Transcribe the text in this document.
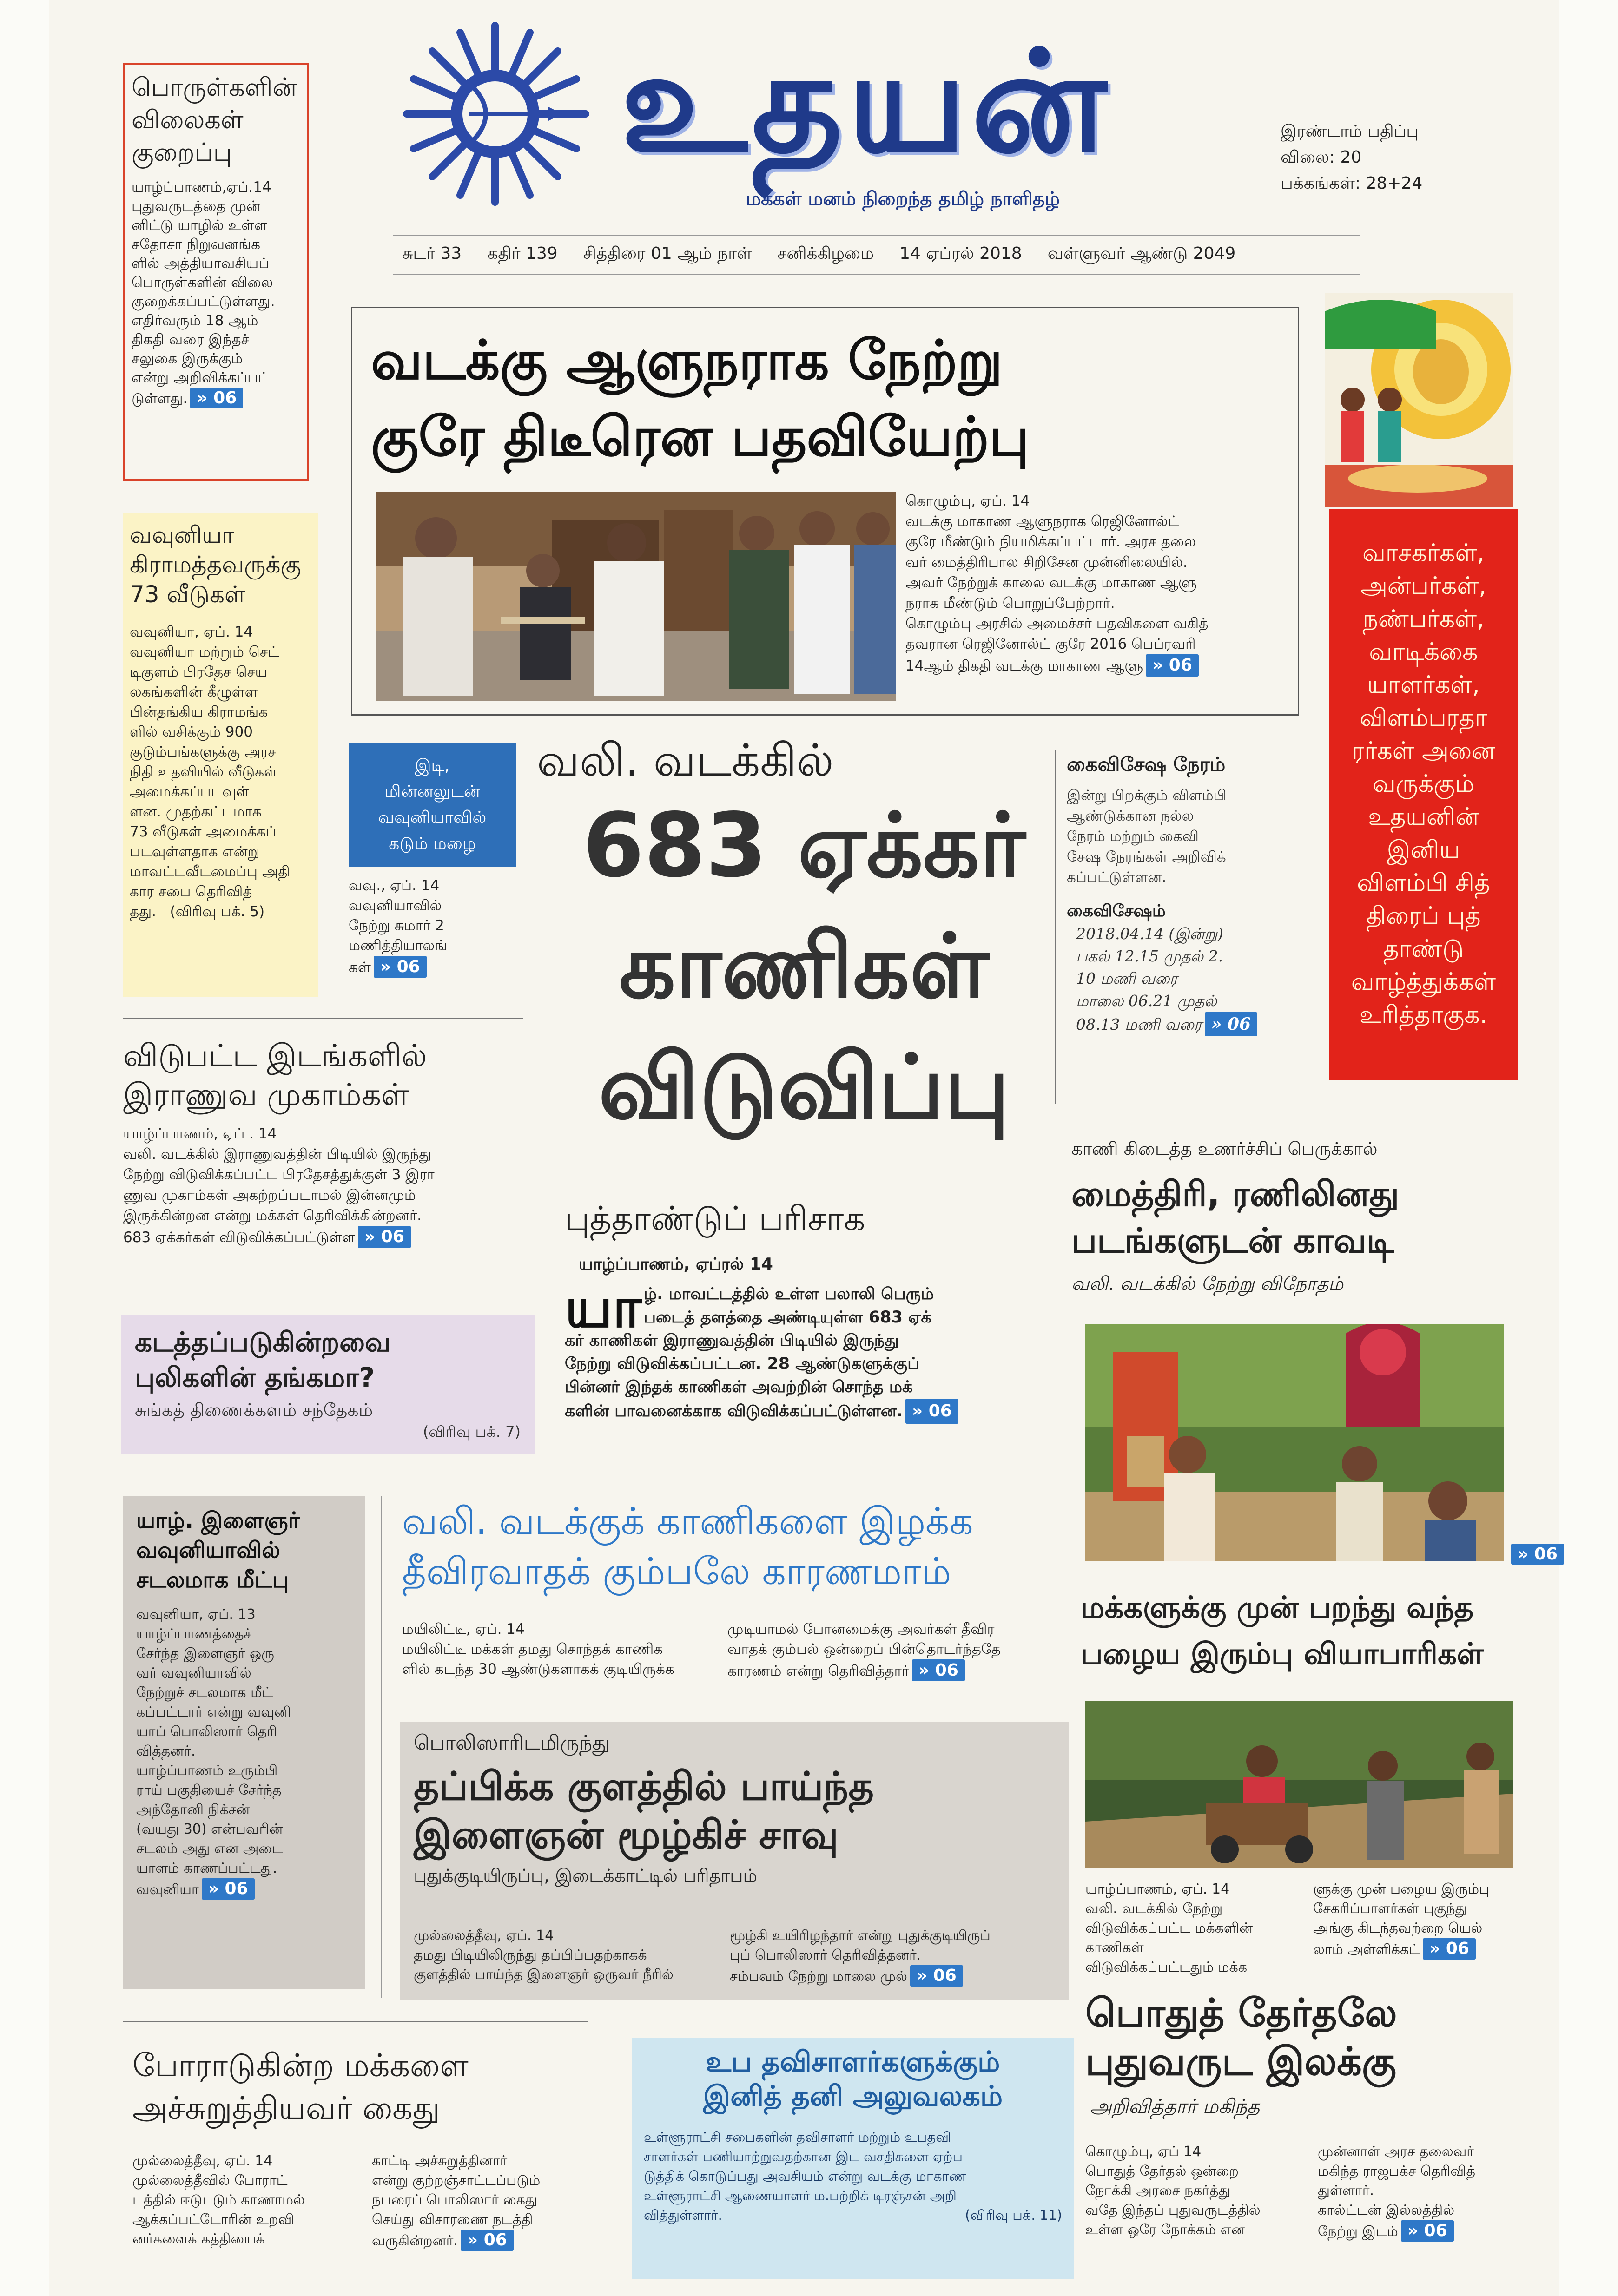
உதயன்
மக்கள் மனம் நிறைந்த தமிழ் நாளிதழ்
இரண்டாம் பதிப்பு
விலை: 20
பக்கங்கள்: 28+24
சுடர் 33 கதிர் 139 சித்திரை 01 ஆம் நாள் சனிக்கிழமை 14 ஏப்ரல் 2018 வள்ளுவர் ஆண்டு 2049
பொருள்களின்
விலைகள்
குறைப்பு
யாழ்ப்பாணம்,ஏப்.14
புதுவருடத்தை முன்
னிட்டு யாழில் உள்ள
சதோசா நிறுவனங்க
ளில் அத்தியாவசியப்
பொருள்களின் விலை
குறைக்கப்பட்டுள்ளது.
எதிர்வரும் 18 ஆம்
திகதி வரை இந்தச்
சலுகை இருக்கும்
என்று அறிவிக்கப்பட்
டுள்ளது. » 06
வவுனியா
கிராமத்தவருக்கு
73 வீடுகள்
வவுனியா, ஏப். 14
வவுனியா மற்றும் செட்
டிகுளம் பிரதேச செய
லகங்களின் கீழுள்ள
பின்தங்கிய கிராமங்க
ளில் வசிக்கும் 900
குடும்பங்களுக்கு அரச
நிதி உதவியில் வீடுகள்
அமைக்கப்படவுள்
ளன. முதற்கட்டமாக
73 வீடுகள் அமைக்கப்
படவுள்ளதாக என்று
மாவட்டவீடமைப்பு அதி
கார சபை தெரிவித்
தது. (விரிவு பக். 5)
இடி,
மின்னலுடன்
வவுனியாவில்
கடும் மழை
வவு., ஏப். 14
வவுனியாவில்
நேற்று சுமார் 2
மணித்தியாலங்
கள் » 06
வடக்கு ஆளுநராக நேற்று
குரே திடீரென பதவியேற்பு
கொழும்பு, ஏப். 14
வடக்கு மாகாண ஆளுநராக ரெஜினோல்ட்
குரே மீண்டும் நியமிக்கப்பட்டார். அரச தலை
வர் மைத்திரிபால சிறிசேன முன்னிலையில்.
அவர் நேற்றுக் காலை வடக்கு மாகாண ஆளு
நராக மீண்டும் பொறுப்பேற்றார்.
கொழும்பு அரசில் அமைச்சர் பதவிகளை வகித்
தவரான ரெஜினோல்ட் குரே 2016 பெப்ரவரி
14ஆம் திகதி வடக்கு மாகாண ஆளு » 06
வாசகர்கள்,
அன்பர்கள்,
நண்பர்கள்,
வாடிக்கை
யாளர்கள்,
விளம்பரதா
ரர்கள் அனை
வருக்கும்
உதயனின்
இனிய
விளம்பி சித்
திரைப் புத்
தாண்டு
வாழ்த்துக்கள்
உரித்தாகுக.
வலி. வடக்கில்
683 ஏக்கர்
காணிகள்
விடுவிப்பு
புத்தாண்டுப் பரிசாக
யாழ்ப்பாணம், ஏப்ரல் 14
யா ழ். மாவட்டத்தில் உள்ள பலாலி பெரும்
படைத் தளத்தை அண்டியுள்ள 683 ஏக்
கர் காணிகள் இராணுவத்தின் பிடியில் இருந்து
நேற்று விடுவிக்கப்பட்டன. 28 ஆண்டுகளுக்குப்
பின்னர் இந்தக் காணிகள் அவற்றின் சொந்த மக்
களின் பாவனைக்காக விடுவிக்கப்பட்டுள்ளன. » 06
கைவிசேஷ நேரம்
இன்று பிறக்கும் விளம்பி
ஆண்டுக்கான நல்ல
நேரம் மற்றும் கைவி
சேஷ நேரங்கள் அறிவிக்
கப்பட்டுள்ளன.
கைவிசேஷம்
2018.04.14 (இன்று)
பகல் 12.15 முதல் 2.
10 மணி வரை
மாலை 06.21 முதல்
08.13 மணி வரை » 06
விடுபட்ட இடங்களில்
இராணுவ முகாம்கள்
யாழ்ப்பாணம், ஏப் . 14
வலி. வடக்கில் இராணுவத்தின் பிடியில் இருந்து
நேற்று விடுவிக்கப்பட்ட பிரதேசத்துக்குள் 3 இரா
ணுவ முகாம்கள் அகற்றப்படாமல் இன்னமும்
இருக்கின்றன என்று மக்கள் தெரிவிக்கின்றனர்.
683 ஏக்கர்கள் விடுவிக்கப்பட்டுள்ள » 06
கடத்தப்படுகின்றவை
புலிகளின் தங்கமா?
சுங்கத் திணைக்களம் சந்தேகம்
(விரிவு பக். 7)
காணி கிடைத்த உணர்ச்சிப் பெருக்கால்
மைத்திரி, ரணிலினது
படங்களுடன் காவடி
வலி. வடக்கில் நேற்று விநோதம்
» 06
யாழ். இளைஞர்
வவுனியாவில்
சடலமாக மீட்பு
வவுனியா, ஏப். 13
யாழ்ப்பாணத்தைச்
சேர்ந்த இளைஞர் ஒரு
வர் வவுனியாவில்
நேற்றுச் சடலமாக மீட்
கப்பட்டார் என்று வவுனி
யாப் பொலிஸார் தெரி
வித்தனர்.
யாழ்ப்பாணம் உரும்பி
ராய் பகுதியைச் சேர்ந்த
அந்தோனி நிக்சன்
(வயது 30) என்பவரின்
சடலம் அது என அடை
யாளம் காணப்பட்டது.
வவுனியா » 06
வலி. வடக்குக் காணிகளை இழக்க
தீவிரவாதக் கும்பலே காரணமாம்
மயிலிட்டி, ஏப். 14
மயிலிட்டி மக்கள் தமது சொந்தக் காணிக
ளில் கடந்த 30 ஆண்டுகளாகக் குடியிருக்க
முடியாமல் போனமைக்கு அவர்கள் தீவிர
வாதக் கும்பல் ஒன்றைப் பின்தொடர்ந்ததே
காரணம் என்று தெரிவித்தார் » 06
பொலிஸாரிடமிருந்து
தப்பிக்க குளத்தில் பாய்ந்த
இளைஞன் மூழ்கிச் சாவு
புதுக்குடியிருப்பு, இடைக்காட்டில் பரிதாபம்
முல்லைத்தீவு, ஏப். 14
தமது பிடியிலிருந்து தப்பிப்பதற்காகக்
குளத்தில் பாய்ந்த இளைஞர் ஒருவர் நீரில்
மூழ்கி உயிரிழந்தார் என்று புதுக்குடியிருப்
புப் பொலிஸார் தெரிவித்தனர்.
சம்பவம் நேற்று மாலை முல் » 06
மக்களுக்கு முன் பறந்து வந்த
பழைய இரும்பு வியாபாரிகள்
யாழ்ப்பாணம், ஏப். 14
வலி. வடக்கில் நேற்று
விடுவிக்கப்பட்ட மக்களின் காணிகள்
விடுவிக்கப்பட்டதும் மக்க
ளுக்கு முன் பழைய இரும்பு
சேகரிப்பாளர்கள் புகுந்து
அங்கு கிடந்தவற்றை யெல்
லாம் அள்ளிக்கட் » 06
போராடுகின்ற மக்களை
அச்சுறுத்தியவர் கைது
முல்லைத்தீவு, ஏப். 14
முல்லைத்தீவில் போராட்
டத்தில் ஈடுபடும் காணாமல்
ஆக்கப்பட்டோரின் உறவி
னர்களைக் கத்தியைக்
காட்டி அச்சுறுத்தினார்
என்று குற்றஞ்சாட்டப்படும்
நபரைப் பொலிஸார் கைது
செய்து விசாரணை நடத்தி
வருகின்றனர். » 06
உப தவிசாளர்களுக்கும்
இனித் தனி அலுவலகம்
உள்ளூராட்சி சபைகளின் தவிசாளர் மற்றும் உபதவி
சாளர்கள் பணியாற்றுவதற்கான இட வசதிகளை ஏற்ப
டுத்திக் கொடுப்பது அவசியம் என்று வடக்கு மாகாண
உள்ளூராட்சி ஆணையாளர் ம.பற்றிக் டிரஞ்சன் அறி
வித்துள்ளார்.	(விரிவு பக். 11)
பொதுத் தேர்தலே
புதுவருட இலக்கு
அறிவித்தார் மகிந்த
கொழும்பு, ஏப் 14
பொதுத் தேர்தல் ஒன்றை
நோக்கி அரசை நகர்த்து
வதே இந்தப் புதுவருடத்தில்
உள்ள ஒரே நோக்கம் என
முன்னாள் அரச தலைவர்
மகிந்த ராஜபக்ச தெரிவித்
துள்ளார்.
கால்ட்டன் இல்லத்தில்
நேற்று இடம் » 06
